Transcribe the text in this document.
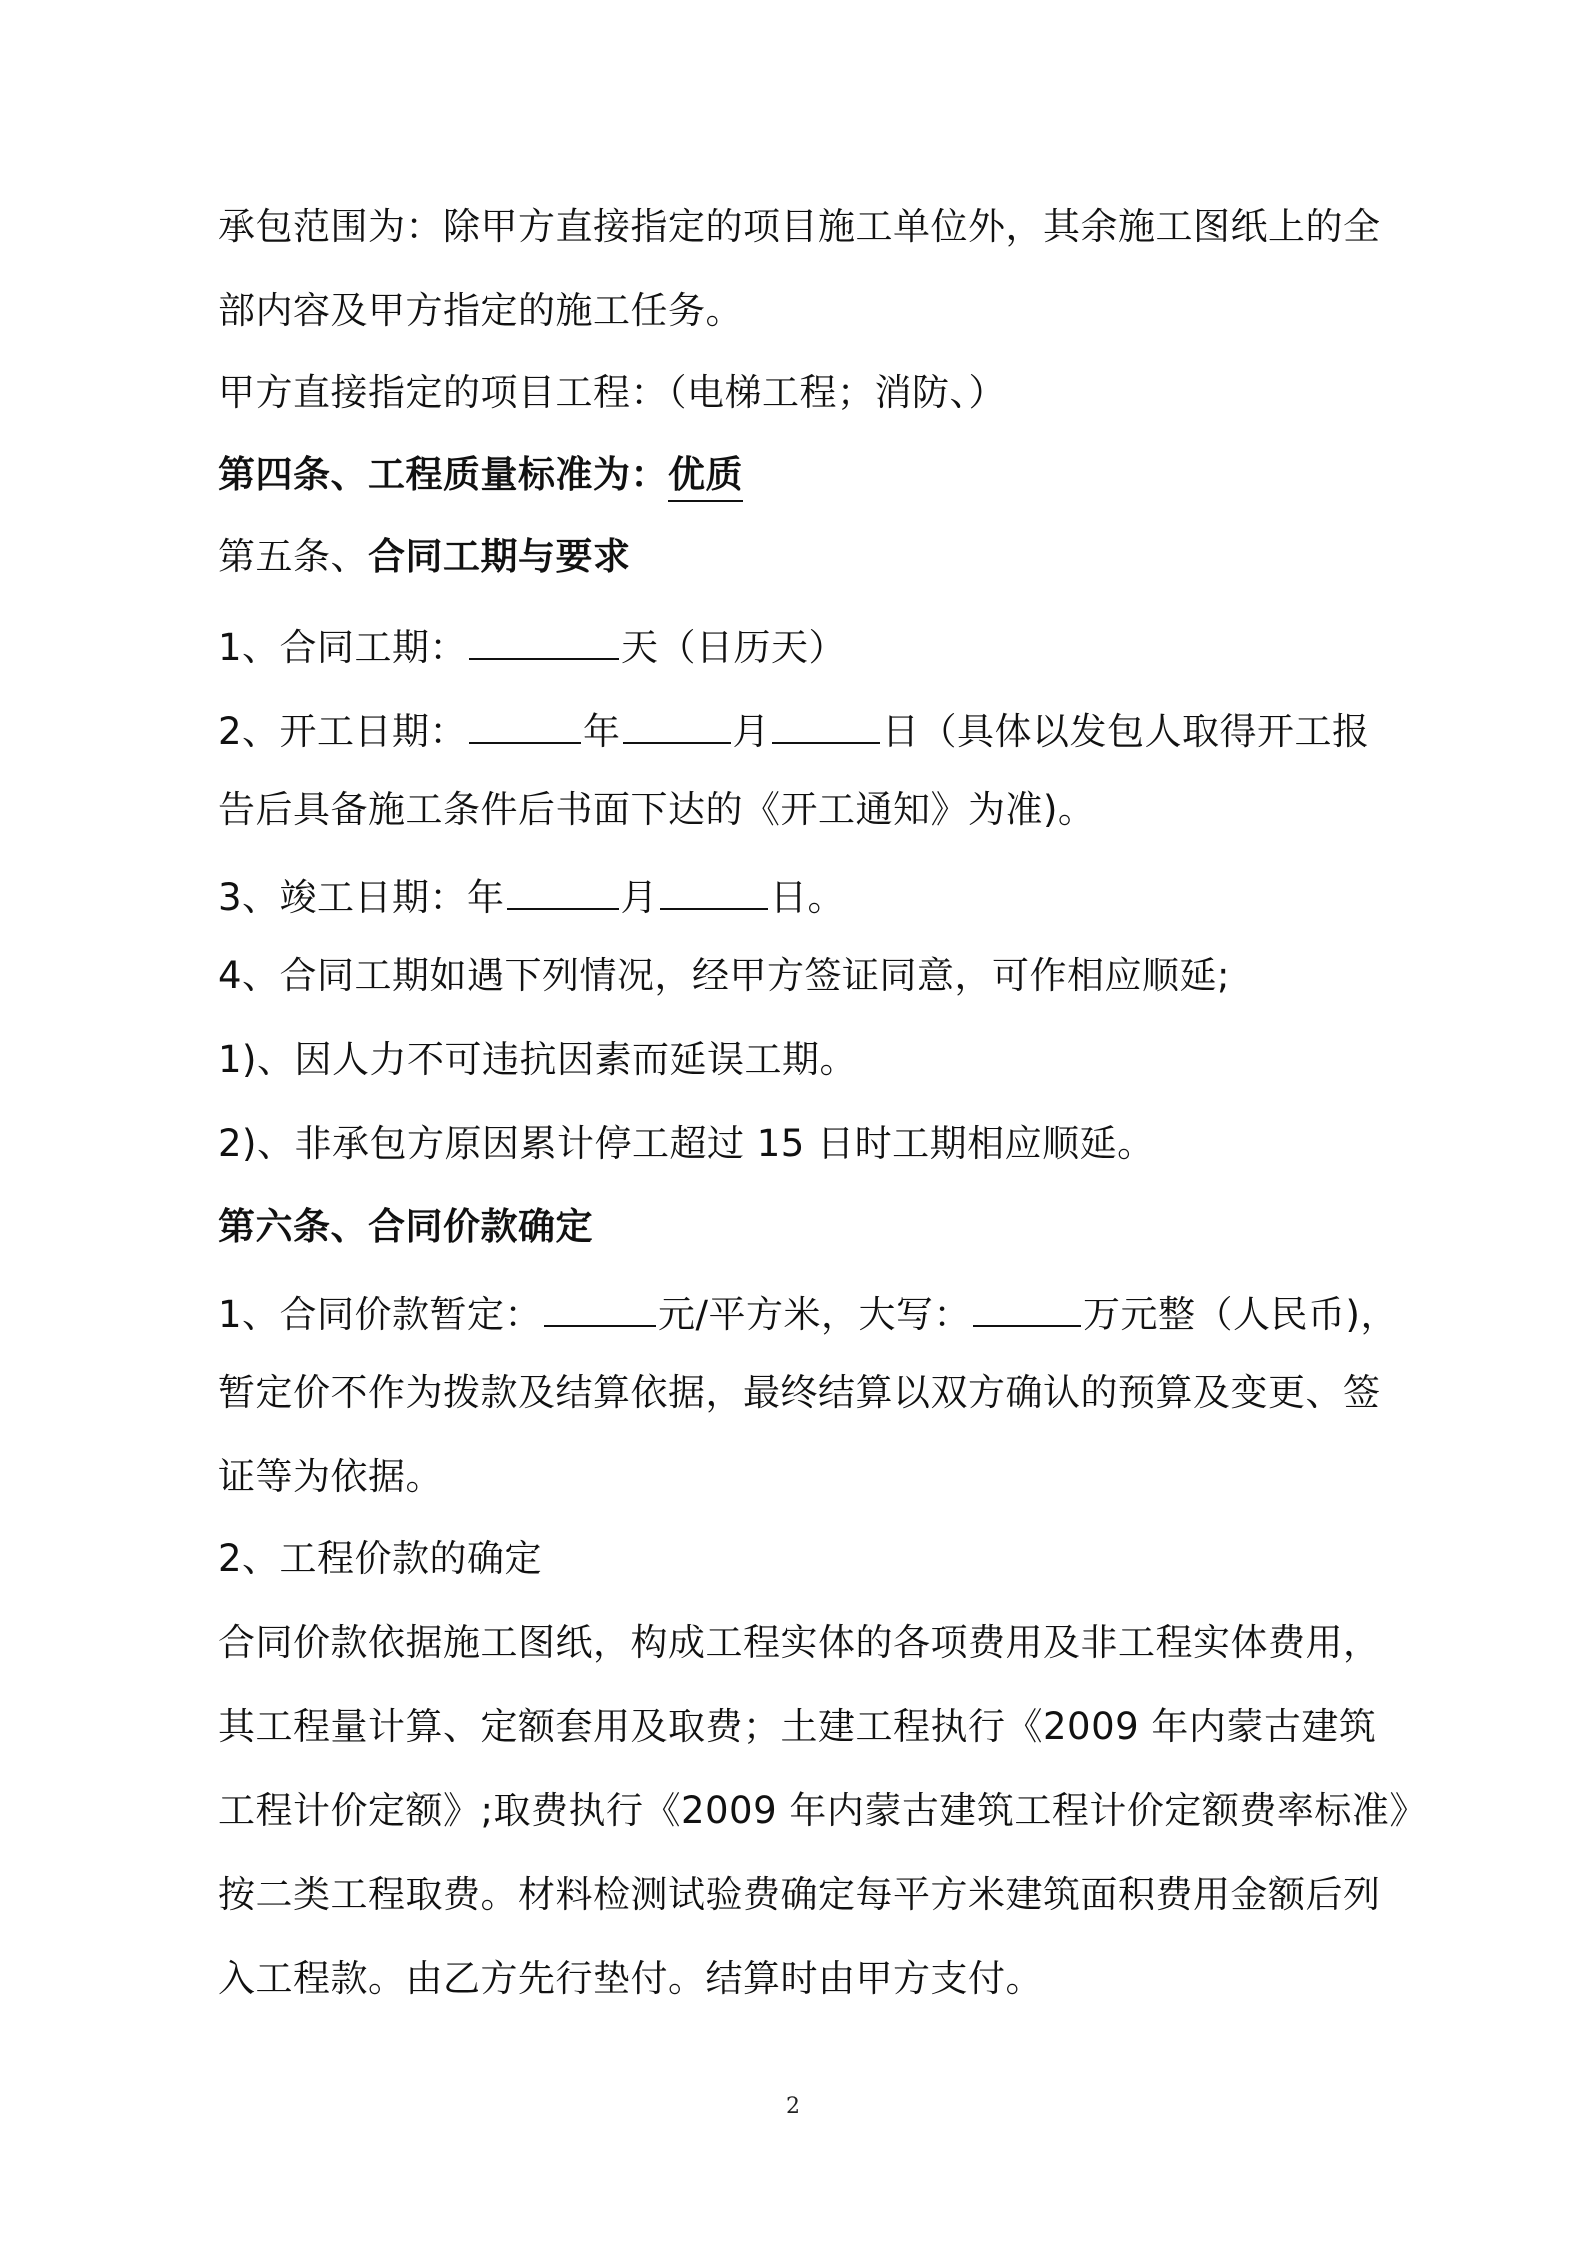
承包范围为：除甲方直接指定的项目施工单位外，其余施工图纸上的全
部内容及甲方指定的施工任务。
甲方直接指定的项目工程：（电梯工程；消防、）
第四条、工程质量标准为：优质
第五条、合同工期与要求
1、合同工期：	天（日历天）
2、开工日期：	年	月	日（具体以发包人取得开工报
告后具备施工条件后书面下达的《开工通知》为准)。
3、竣工日期：年	月	日。
4、合同工期如遇下列情况，经甲方签证同意，可作相应顺延;
1)、因人力不可违抗因素而延误工期。
2)、非承包方原因累计停工超过 15 日时工期相应顺延。
第六条、合同价款确定
1、合同价款暂定：	元/平方米，大写：	万元整（人民币)，
暂定价不作为拨款及结算依据，最终结算以双方确认的预算及变更、签
证等为依据。
2、工程价款的确定
合同价款依据施工图纸，构成工程实体的各项费用及非工程实体费用，
其工程量计算、定额套用及取费；土建工程执行《2009 年内蒙古建筑
工程计价定额》;取费执行《2009 年内蒙古建筑工程计价定额费率标准》
按二类工程取费。材料检测试验费确定每平方米建筑面积费用金额后列
入工程款。由乙方先行垫付。结算时由甲方支付。
2
